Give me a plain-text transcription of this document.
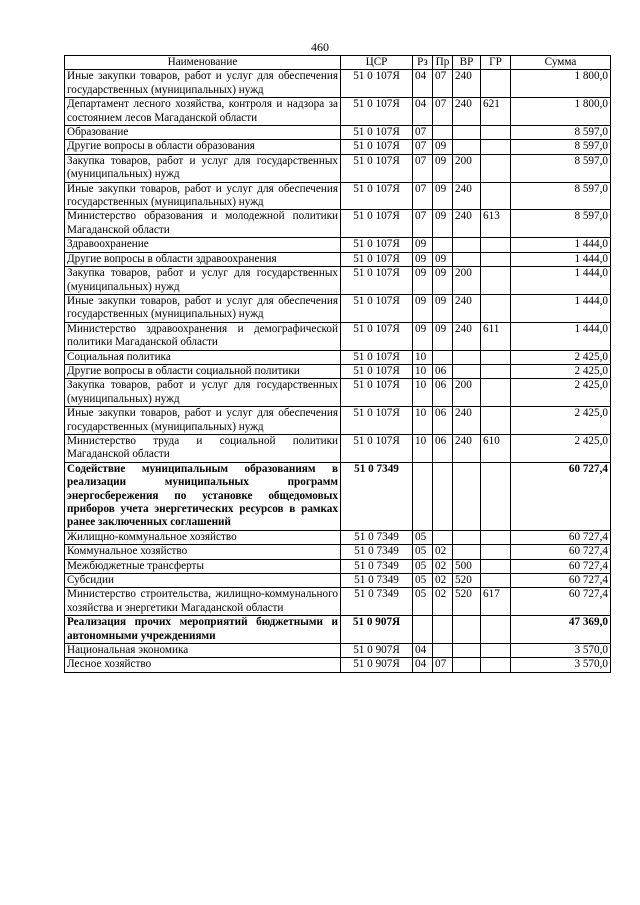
460
Наименование	ЦСР	Рз	Пр	ВР	ГР	Сумма
Иные закупки товаров, работ и услуг для обеспечения государственных (муниципальных) нужд	51 0 107Я	04	07	240		1 800,0
Департамент лесного хозяйства, контроля и надзора за состоянием лесов Магаданской области	51 0 107Я	04	07	240	621	1 800,0
Образование	51 0 107Я	07				8 597,0
Другие вопросы в области образования	51 0 107Я	07	09			8 597,0
Закупка товаров, работ и услуг для государственных (муниципальных) нужд	51 0 107Я	07	09	200		8 597,0
Иные закупки товаров, работ и услуг для обеспечения государственных (муниципальных) нужд	51 0 107Я	07	09	240		8 597,0
Министерство образования и молодежной политики Магаданской области	51 0 107Я	07	09	240	613	8 597,0
Здравоохранение	51 0 107Я	09				1 444,0
Другие вопросы в области здравоохранения	51 0 107Я	09	09			1 444,0
Закупка товаров, работ и услуг для государственных (муниципальных) нужд	51 0 107Я	09	09	200		1 444,0
Иные закупки товаров, работ и услуг для обеспечения государственных (муниципальных) нужд	51 0 107Я	09	09	240		1 444,0
Министерство здравоохранения и демографической политики Магаданской области	51 0 107Я	09	09	240	611	1 444,0
Социальная политика	51 0 107Я	10				2 425,0
Другие вопросы в области социальной политики	51 0 107Я	10	06			2 425,0
Закупка товаров, работ и услуг для государственных (муниципальных) нужд	51 0 107Я	10	06	200		2 425,0
Иные закупки товаров, работ и услуг для обеспечения государственных (муниципальных) нужд	51 0 107Я	10	06	240		2 425,0
Министерство труда и социальной политики Магаданской области	51 0 107Я	10	06	240	610	2 425,0
Содействие муниципальным образованиям в реализации муниципальных программ энергосбережения по установке общедомовых приборов учета энергетических ресурсов в рамках ранее заключенных соглашений	51 0 7349					60 727,4
Жилищно-коммунальное хозяйство	51 0 7349	05				60 727,4
Коммунальное хозяйство	51 0 7349	05	02			60 727,4
Межбюджетные трансферты	51 0 7349	05	02	500		60 727,4
Субсидии	51 0 7349	05	02	520		60 727,4
Министерство строительства, жилищно-коммунального хозяйства и энергетики Магаданской области	51 0 7349	05	02	520	617	60 727,4
Реализация прочих мероприятий бюджетными и автономными учреждениями	51 0 907Я					47 369,0
Национальная экономика	51 0 907Я	04				3 570,0
Лесное хозяйство	51 0 907Я	04	07			3 570,0
